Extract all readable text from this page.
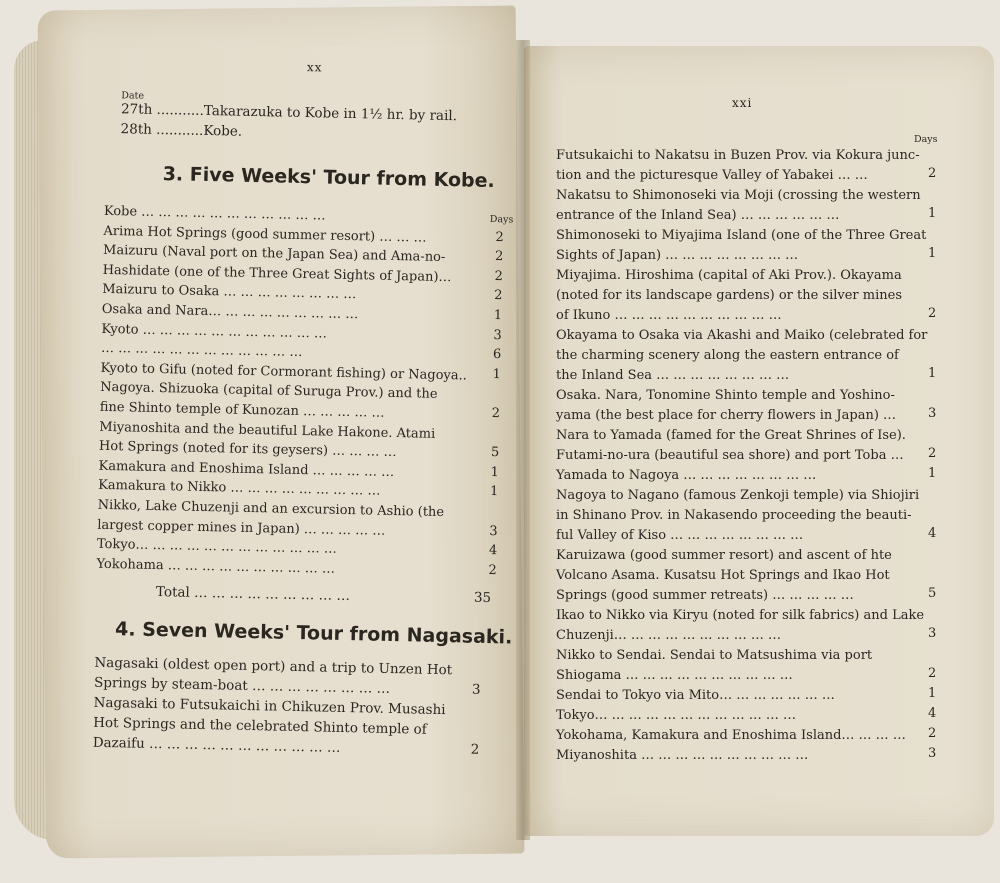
xx
Date
27th ...........Takarazuka to Kobe in 1½ hr. by rail.
28th ...........Kobe.
3. Five Weeks' Tour from Kobe.
Days
Kobe … … … … … … … … … … …
Arima Hot Springs (good summer resort) … … …	2
Maizuru (Naval port on the Japan Sea) and Ama-no-	2
Hashidate (one of the Three Great Sights of Japan)…	2
Maizuru to Osaka … … … … … … … …	2
Osaka and Nara… … … … … … … … …	1
Kyoto … … … … … … … … … … …	3
… … … … … … … … … … … …	6
Kyoto to Gifu (noted for Cormorant fishing) or Nagoya.. 1
Nagoya. Shizuoka (capital of Suruga Prov.) and the
fine Shinto temple of Kunozan … … … … …	2
Miyanoshita and the beautiful Lake Hakone. Atami
Hot Springs (noted for its geysers) … … … …	5
Kamakura and Enoshima Island … … … … …	1
Kamakura to Nikko … … … … … … … … …	1
Nikko, Lake Chuzenji and an excursion to Ashio (the
largest copper mines in Japan) … … … … …	3
Tokyo… … … … … … … … … … … …	4
Yokohama … … … … … … … … … …	2
Total … … … … … … … … …	35
4. Seven Weeks' Tour from Nagasaki.
Nagasaki (oldest open port) and a trip to Unzen Hot
Springs by steam-boat … … … … … … … …	3
Nagasaki to Futsukaichi in Chikuzen Prov. Musashi
Hot Springs and the celebrated Shinto temple of
Dazaifu … … … … … … … … … … …	2
xxi
Days
Futsukaichi to Nakatsu in Buzen Prov. via Kokura junc-
tion and the picturesque Valley of Yabakei … …	2
Nakatsu to Shimonoseki via Moji (crossing the western
entrance of the Inland Sea) … … … … … …	1
Shimonoseki to Miyajima Island (one of the Three Great
Sights of Japan) … … … … … … … …	1
Miyajima. Hiroshima (capital of Aki Prov.). Okayama
(noted for its landscape gardens) or the silver mines
of Ikuno … … … … … … … … … …	2
Okayama to Osaka via Akashi and Maiko (celebrated for
the charming scenery along the eastern entrance of
the Inland Sea … … … … … … … …	1
Osaka. Nara, Tonomine Shinto temple and Yoshino-
yama (the best place for cherry flowers in Japan) … 3
Nara to Yamada (famed for the Great Shrines of Ise).
Futami-no-ura (beautiful sea shore) and port Toba … 2
Yamada to Nagoya … … … … … … … …	1
Nagoya to Nagano (famous Zenkoji temple) via Shiojiri
in Shinano Prov. in Nakasendo proceeding the beauti-
ful Valley of Kiso … … … … … … … …	4
Karuizawa (good summer resort) and ascent of hte
Volcano Asama. Kusatsu Hot Springs and Ikao Hot
Springs (good summer retreats) … … … … …	5
Ikao to Nikko via Kiryu (noted for silk fabrics) and Lake
Chuzenji… … … … … … … … … …	3
Nikko to Sendai. Sendai to Matsushima via port
Shiogama … … … … … … … … … …	2
Sendai to Tokyo via Mito… … … … … … …	1
Tokyo… … … … … … … … … … … …	4
Yokohama, Kamakura and Enoshima Island… … … … 2
Miyanoshita … … … … … … … … … …	3
